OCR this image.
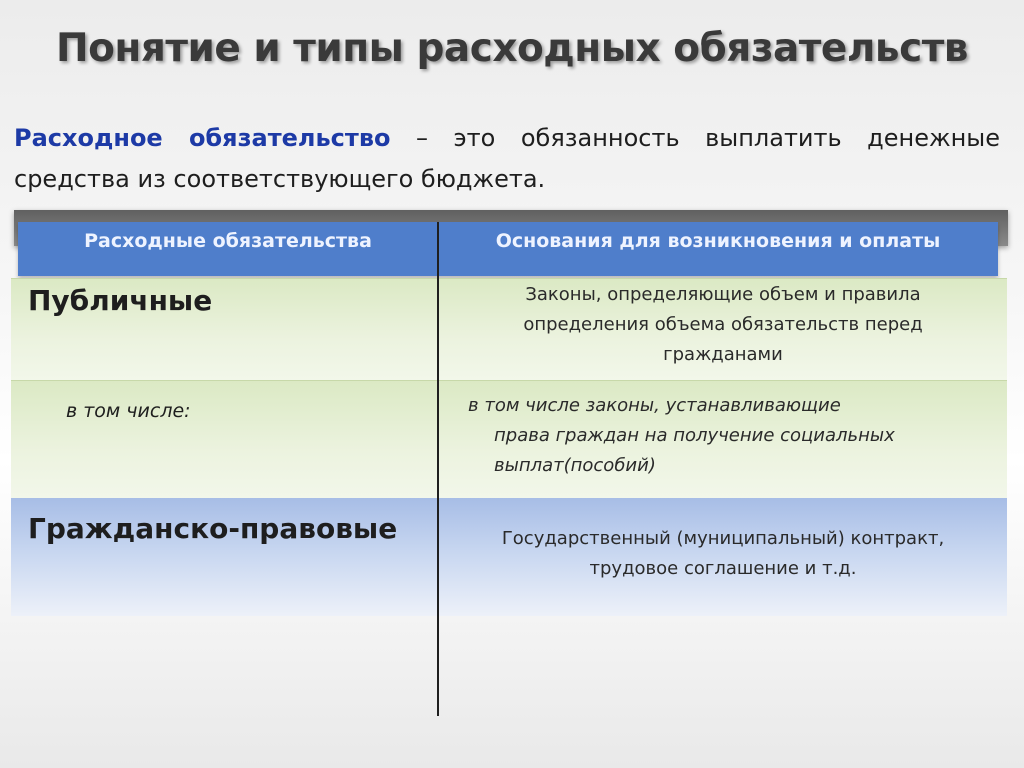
Понятие и типы расходных обязательств
Расходное обязательство – это обязанность выплатить денежные средства из соответствующего бюджета.
Расходные обязательства	Основания для возникновения и оплаты
Публичные	Законы, определяющие объем и правила
определения объема обязательств перед
гражданами
в том числе:	в том числе законы, устанавливающие
права граждан на получение социальных
выплат(пособий)
Гражданско-правовые	Государственный (муниципальный) контракт,
трудовое соглашение и т.д.
